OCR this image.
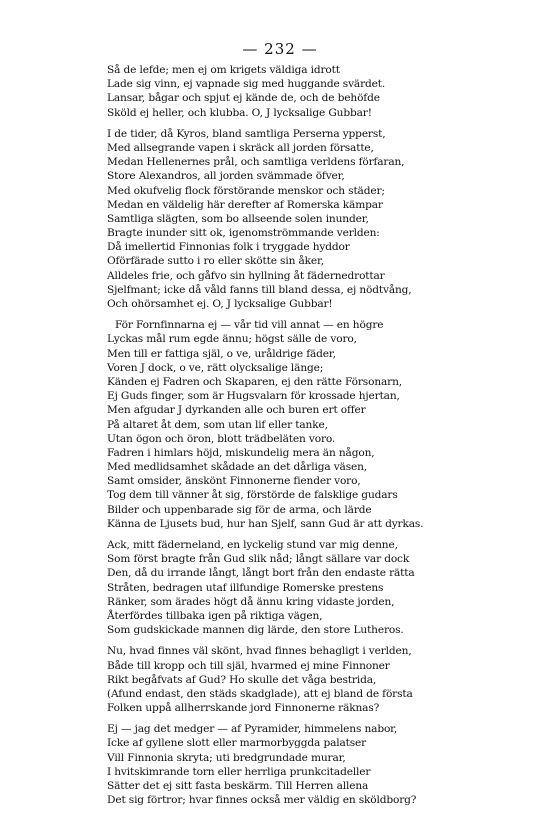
— 232 —
Så de lefde; men ej om krigets väldiga idrott
Lade sig vinn, ej vapnade sig med huggande svärdet.
Lansar, bågar och spjut ej kände de, och de behöfde
Sköld ej heller, och klubba. O, J lycksalige Gubbar!
I de tider, då Kyros, bland samtliga Perserna ypperst,
Med allsegrande vapen i skräck all jorden försatte,
Medan Hellenernes prål, och samtliga verldens förfaran,
Store Alexandros, all jorden svämmade öfver,
Med okufvelig flock förstörande menskor och städer;
Medan en väldelig här derefter af Romerska kämpar
Samtliga slägten, som bo allseende solen inunder,
Bragte inunder sitt ok, igenomströmmande verlden:
Då imellertid Finnonias folk i tryggade hyddor
Oförfärade sutto i ro eller skötte sin åker,
Alldeles frie, och gåfvo sin hyllning åt fädernedrottar
Sjelfmant; icke då våld fanns till bland dessa, ej nödtvång,
Och ohörsamhet ej. O, J lycksalige Gubbar!
För Fornfinnarna ej — vår tid vill annat — en högre
Lyckas mål rum egde ännu; högst sälle de voro,
Men till er fattiga själ, o ve, uråldrige fäder,
Voren J dock, o ve, rätt olycksalige länge;
Känden ej Fadren och Skaparen, ej den rätte Försonarn,
Ej Guds finger, som är Hugsvalarn för krossade hjertan,
Men afgudar J dyrkanden alle och buren ert offer
På altaret åt dem, som utan lif eller tanke,
Utan ögon och öron, blott trädbeläten voro.
Fadren i himlars höjd, miskundelig mera än någon,
Med medlidsamhet skådade an det dårliga väsen,
Samt omsider, änskönt Finnonerne fiender voro,
Tog dem till vänner åt sig, förstörde de falsklige gudars
Bilder och uppenbarade sig för de arma, och lärde
Känna de Ljusets bud, hur han Sjelf, sann Gud är att dyrkas.
Ack, mitt fäderneland, en lyckelig stund var mig denne,
Som först bragte från Gud slik nåd; långt sällare var dock
Den, då du irrande långt, långt bort från den endaste rätta
Stråten, bedragen utaf illfundige Romerske prestens
Ränker, som ärades högt då ännu kring vidaste jorden,
Återfördes tillbaka igen på riktiga vägen,
Som gudskickade mannen dig lärde, den store Lutheros.
Nu, hvad finnes väl skönt, hvad finnes behagligt i verlden,
Både till kropp och till själ, hvarmed ej mine Finnoner
Rikt begåfvats af Gud? Ho skulle det våga bestrida,
(Afund endast, den städs skadglade), att ej bland de första
Folken uppå allherrskande jord Finnonerne räknas?
Ej — jag det medger — af Pyramider, himmelens nabor,
Icke af gyllene slott eller marmorbyggda palatser
Vill Finnonia skryta; uti bredgrundade murar,
I hvitskimrande torn eller herrliga prunkcitadeller
Sätter det ej sitt fasta beskärm. Till Herren allena
Det sig förtror; hvar finnes också mer väldig en sköldborg?
